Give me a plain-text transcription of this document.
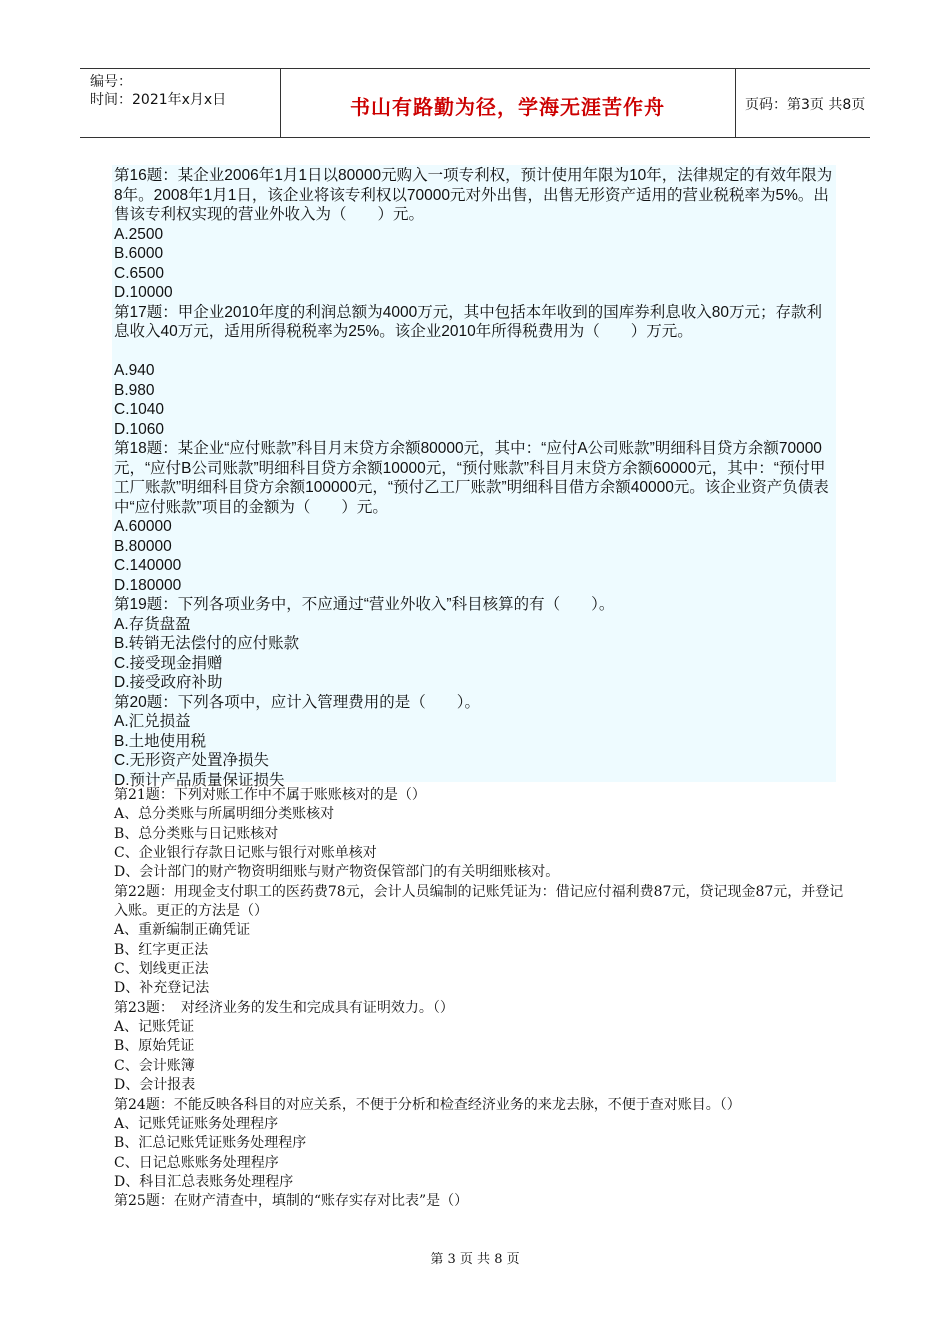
编号：
时间：2021年x月x日	书山有路勤为径，学海无涯苦作舟	页码：第3页 共8页
第16题：某企业2006年1月1日以80000元购入一项专利权，预计使用年限为10年，法律规定的有效年限为8年。2008年1月1日，该企业将该专利权以70000元对外出售，出售无形资产适用的营业税税率为5%。出售该专利权实现的营业外收入为（　　）元。
A.2500
B.6000
C.6500
D.10000
第17题：甲企业2010年度的利润总额为4000万元，其中包括本年收到的国库券利息收入80万元；存款利息收入40万元，适用所得税税率为25%。该企业2010年所得税费用为（　　）万元。
A.940
B.980
C.1040
D.1060
第18题：某企业“应付账款”科目月末贷方余额80000元，其中：“应付A公司账款”明细科目贷方余额70000元，“应付B公司账款”明细科目贷方余额10000元，“预付账款”科目月末贷方余额60000元，其中：“预付甲工厂账款”明细科目贷方余额100000元，“预付乙工厂账款”明细科目借方余额40000元。该企业资产负债表中“应付账款”项目的金额为（　　）元。
A.60000
B.80000
C.140000
D.180000
第19题：下列各项业务中，不应通过“营业外收入”科目核算的有（　　）。
A.存货盘盈
B.转销无法偿付的应付账款
C.接受现金捐赠
D.接受政府补助
第20题：下列各项中，应计入管理费用的是（　　）。
A.汇兑损益
B.土地使用税
C.无形资产处置净损失
D.预计产品质量保证损失
第21题：下列对账工作中不属于账账核对的是（）
A、总分类账与所属明细分类账核对
B、总分类账与日记账核对
C、企业银行存款日记账与银行对账单核对
D、会计部门的财产物资明细账与财产物资保管部门的有关明细账核对。
第22题：用现金支付职工的医药费78元，会计人员编制的记账凭证为：借记应付福利费87元，贷记现金87元，并登记入账。更正的方法是（）
A、重新编制正确凭证
B、红字更正法
C、划线更正法
D、补充登记法
第23题：　对经济业务的发生和完成具有证明效力。（）
A、记账凭证
B、原始凭证
C、会计账簿
D、会计报表
第24题：不能反映各科目的对应关系，不便于分析和检查经济业务的来龙去脉，不便于查对账目。（）
A、记账凭证账务处理程序
B、汇总记账凭证账务处理程序
C、日记总账账务处理程序
D、科目汇总表账务处理程序
第25题：在财产清查中，填制的“账存实存对比表”是（）
第 3 页 共 8 页
